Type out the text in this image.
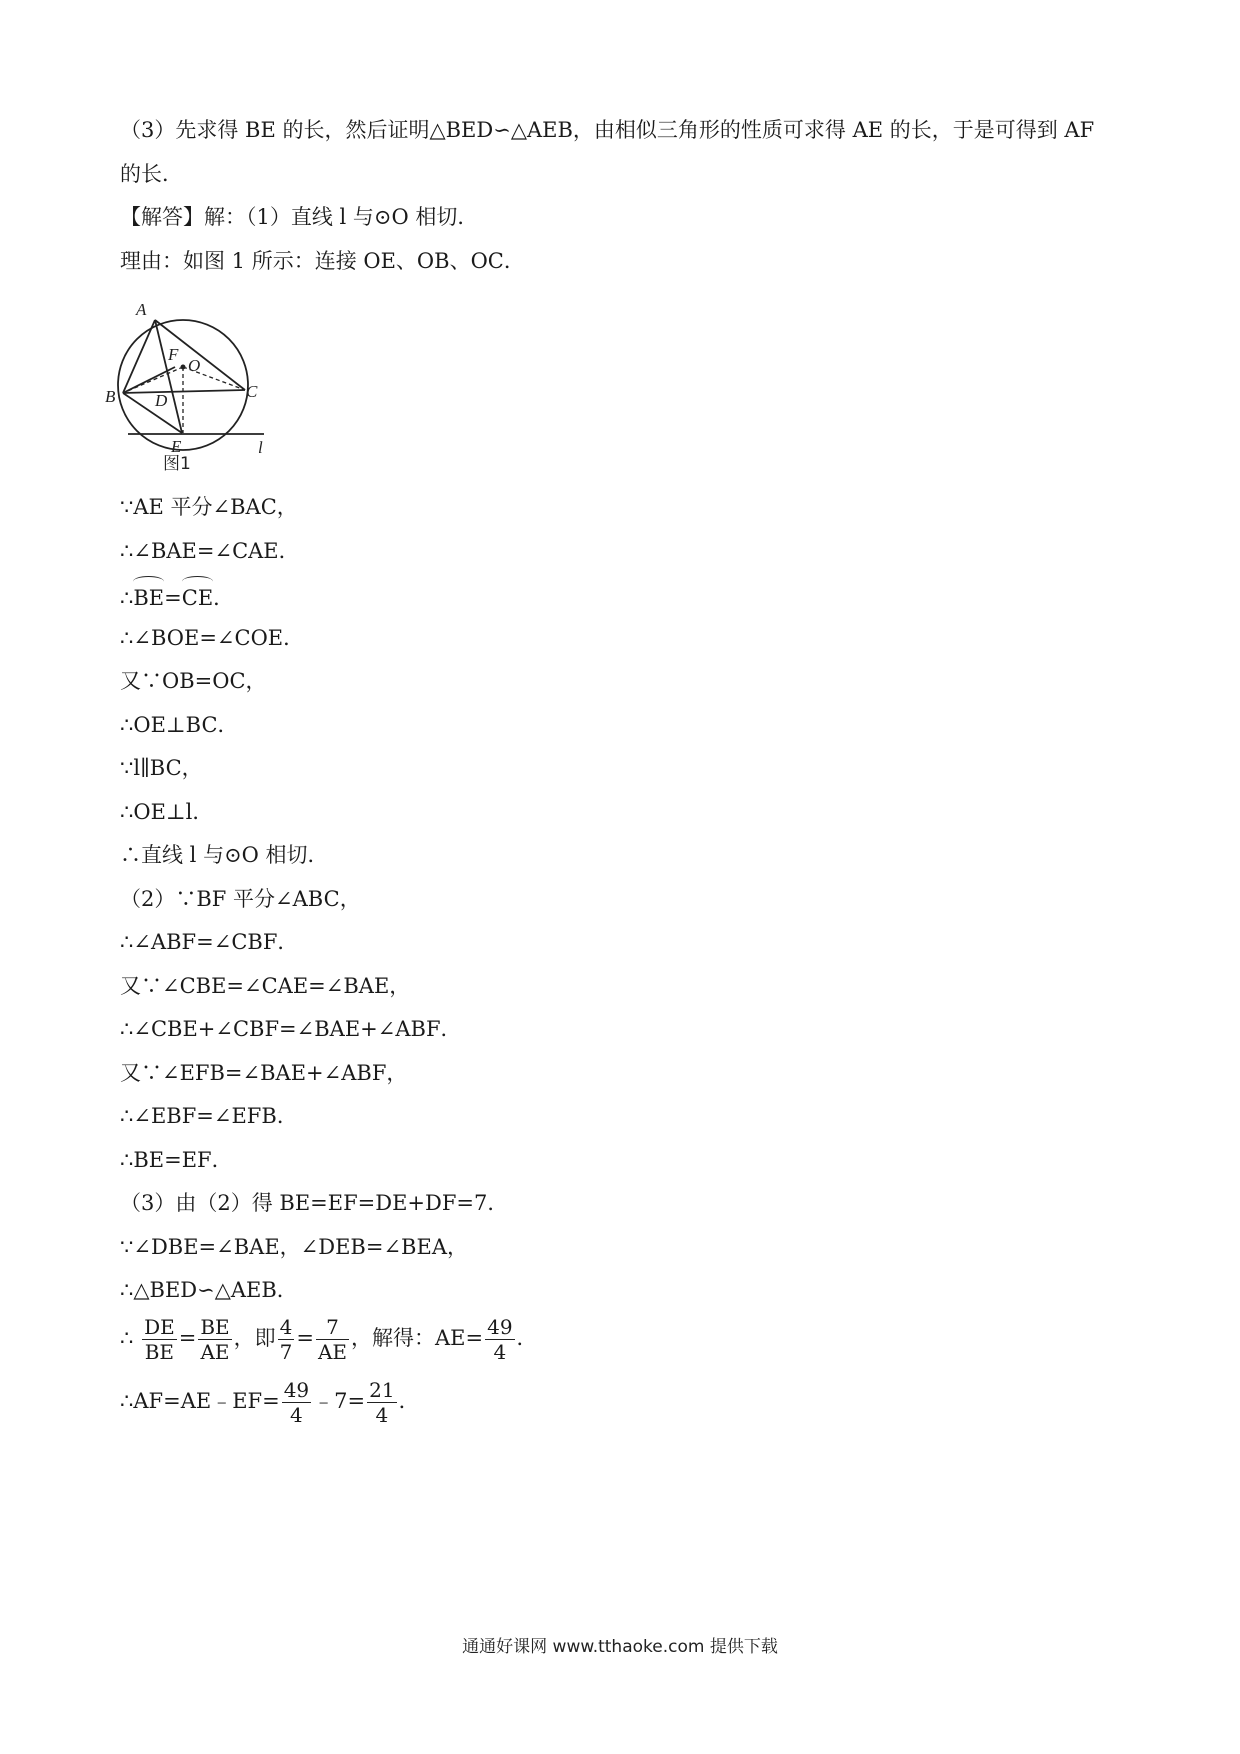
（3）先求得 BE 的长，然后证明△BED∽△AEB，由相似三角形的性质可求得 AE 的长，于是可得到 AF
的长．
【解答】解：（1）直线 l 与⊙O 相切．
理由：如图 1 所示：连接 OE、OB、OC．
A
B	C
D
E
F
O
l
图1
∵AE 平分∠BAC，
∴∠BAE=∠CAE．
∴BE=CE．
∴∠BOE=∠COE．
又∵OB=OC，
∴OE⊥BC．
∵l∥BC，
∴OE⊥l．
∴直线 l 与⊙O 相切．
（2）∵BF 平分∠ABC，
∴∠ABF=∠CBF．
又∵∠CBE=∠CAE=∠BAE，
∴∠CBE+∠CBF=∠BAE+∠ABF．
又∵∠EFB=∠BAE+∠ABF，
∴∠EBF=∠EFB．
∴BE=EF．
（3）由（2）得 BE=EF=DE+DF=7．
∵∠DBE=∠BAE，∠DEB=∠BEA，
∴△BED∽△AEB．
∴ $\frac{DE}{BE} = \frac{BE}{AE}$ ，即 $\frac{4}{7} = \frac{7}{AE}$ ，解得：$AE= \frac{49}{4}$ ．
∴AF=AE﹣EF= $\frac{49}{4}$ ﹣7= $\frac{21}{4}$ ．
通通好课网 www.tthaoke.com 提供下载
